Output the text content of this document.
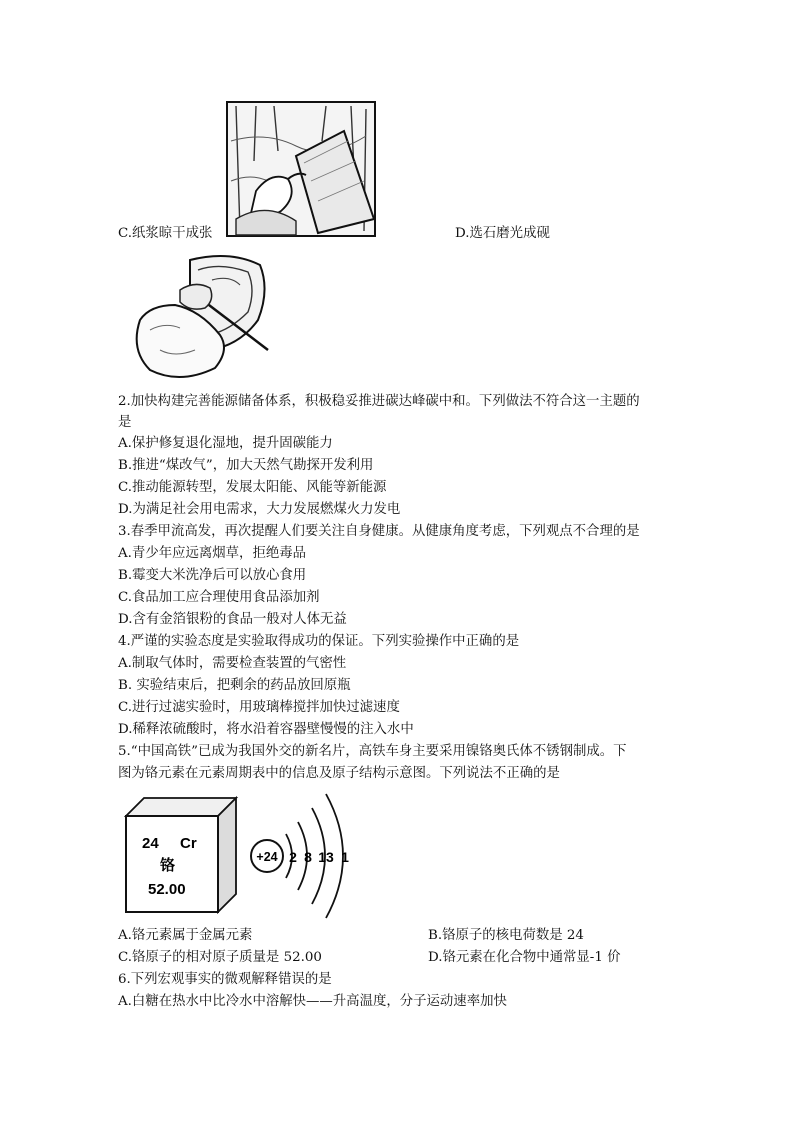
C.纸浆晾干成张	D.选石磨光成砚
2.加快构建完善能源储备体系，积极稳妥推进碳达峰碳中和。下列做法不符合这一主题的
是
A.保护修复退化湿地，提升固碳能力
B.推进“煤改气”，加大天然气勘探开发利用
C.推动能源转型，发展太阳能、风能等新能源
D.为满足社会用电需求，大力发展燃煤火力发电
3.春季甲流高发，再次提醒人们要关注自身健康。从健康角度考虑，下列观点不合理的是
A.青少年应远离烟草，拒绝毒品
B.霉变大米洗净后可以放心食用
C.食品加工应合理使用食品添加剂
D.含有金箔银粉的食品一般对人体无益
4.严谨的实验态度是实验取得成功的保证。下列实验操作中正确的是
A.制取气体时，需要检查装置的气密性
B. 实验结束后，把剩余的药品放回原瓶
C.进行过滤实验时，用玻璃棒搅拌加快过滤速度
D.稀释浓硫酸时，将水沿着容器壁慢慢的注入水中
5.“中国高铁”已成为我国外交的新名片，高铁车身主要采用镍铬奥氏体不锈钢制成。下
图为铬元素在元素周期表中的信息及原子结构示意图。下列说法不正确的是
24 Cr
铬
52.00
+24 2 8 13 1
A.铬元素属于金属元素	B.铬原子的核电荷数是 24
C.铬原子的相对原子质量是 52.00	D.铬元素在化合物中通常显-1 价
6.下列宏观事实的微观解释错误的是
A.白糖在热水中比冷水中溶解快——升高温度，分子运动速率加快
